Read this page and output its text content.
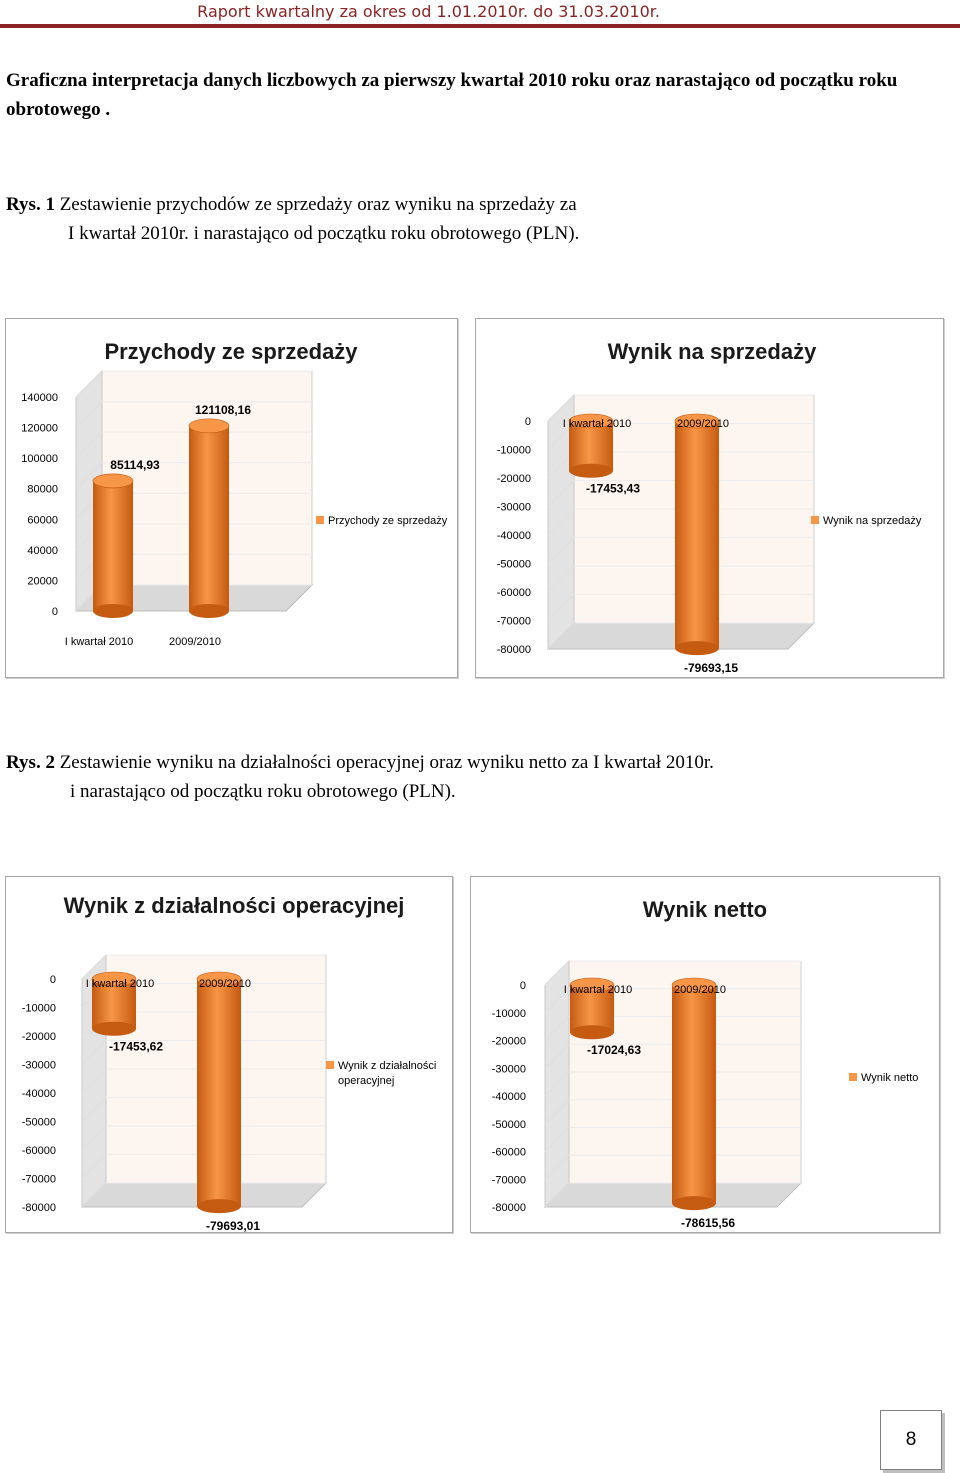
Raport kwartalny za okres od 1.01.2010r. do 31.03.2010r.
Graficzna interpretacja danych liczbowych za pierwszy kwartał 2010 roku oraz narastająco od początku roku obrotowego .
Rys. 1 Zestawienie przychodów ze sprzedaży oraz wyniku na sprzedaży za
I kwartał 2010r. i narastająco od początku roku obrotowego (PLN).
Przychody ze sprzedaży
0
20000
40000
60000
80000
100000
120000
140000
85114,93
I kwartał 2010
121108,16
2009/2010
Przychody ze sprzedaży
Wynik na sprzedaży
0
-10000
-20000
-30000
-40000
-50000
-60000
-70000
-80000
-17453,43
I kwartał 2010
-79693,15
2009/2010
Wynik na sprzedaży
Rys. 2 Zestawienie wyniku na działalności operacyjnej oraz wyniku netto za I kwartał 2010r.
i narastająco od początku roku obrotowego (PLN).
Wynik z działalności operacyjnej
0
-10000
-20000
-30000
-40000
-50000
-60000
-70000
-80000
-17453,62
I kwartał 2010
-79693,01
2009/2010
Wynik z działalności operacyjnej
Wynik netto
0
-10000
-20000
-30000
-40000
-50000
-60000
-70000
-80000
-17024,63
I kwartał 2010
-78615,56
2009/2010
Wynik netto
8
